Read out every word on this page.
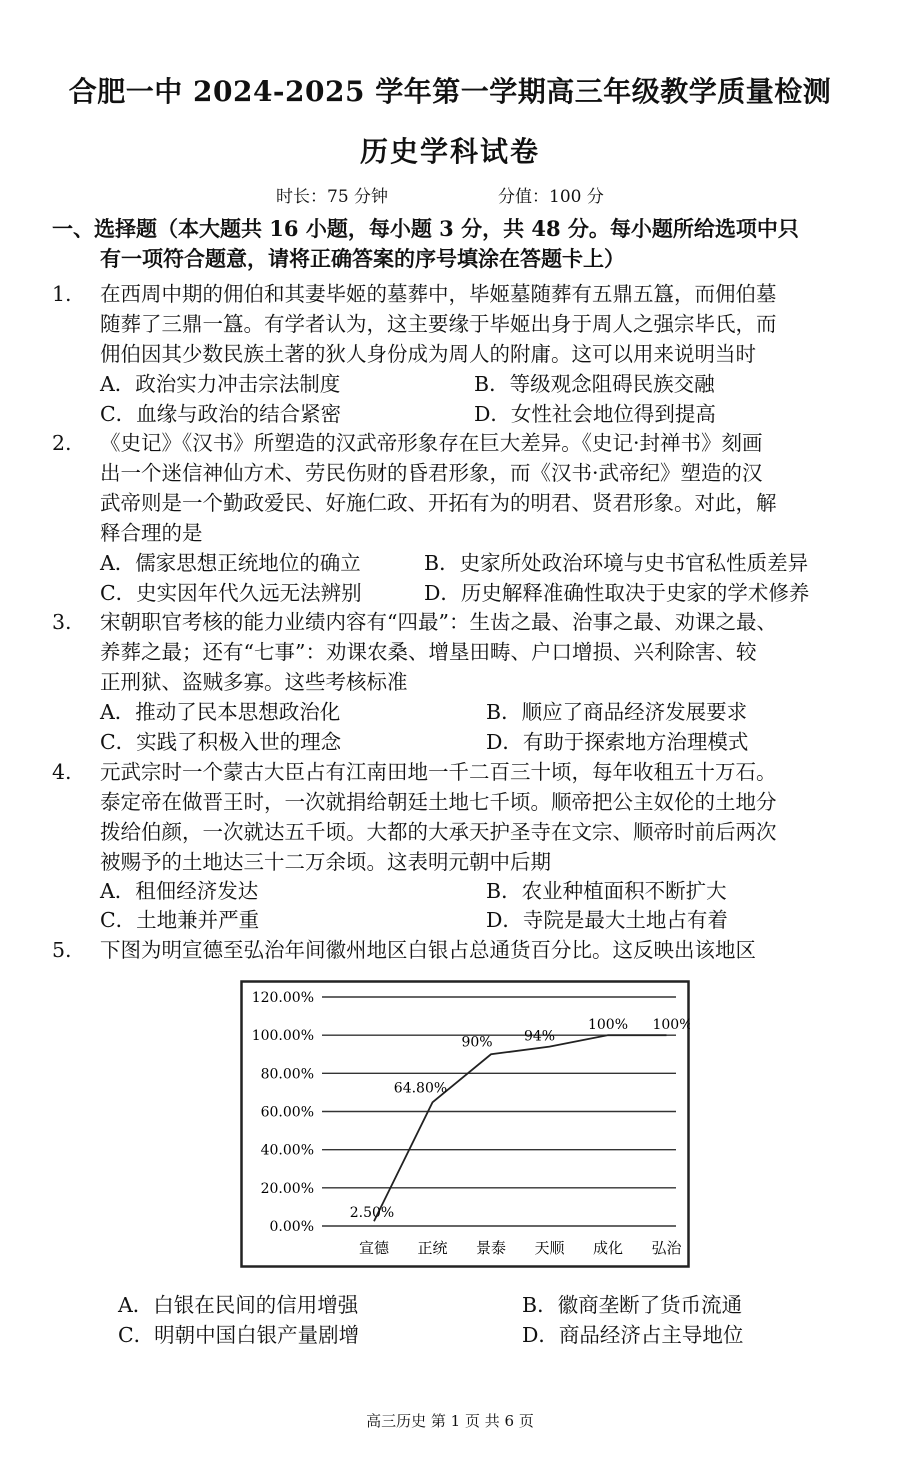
合肥一中 2024-2025 学年第一学期高三年级教学质量检测
历史学科试卷
时长：75 分钟	分值：100 分
一、选择题（本大题共 16 小题，每小题 3 分，共 48 分。每小题所给选项中只
有一项符合题意，请将正确答案的序号填涂在答题卡上）
1. 在西周中期的佣伯和其妻毕姬的墓葬中，毕姬墓随葬有五鼎五簋，而佣伯墓
随葬了三鼎一簋。有学者认为，这主要缘于毕姬出身于周人之强宗毕氏，而
佣伯因其少数民族土著的狄人身份成为周人的附庸。这可以用来说明当时
A．政治实力冲击宗法制度	B．等级观念阻碍民族交融
C．血缘与政治的结合紧密	D．女性社会地位得到提高
2. 《史记》《汉书》所塑造的汉武帝形象存在巨大差异。《史记·封禅书》刻画
出一个迷信神仙方术、劳民伤财的昏君形象，而《汉书·武帝纪》塑造的汉
武帝则是一个勤政爱民、好施仁政、开拓有为的明君、贤君形象。对此，解
释合理的是
A．儒家思想正统地位的确立	B．史家所处政治环境与史书官私性质差异
C．史实因年代久远无法辨别	D．历史解释准确性取决于史家的学术修养
3. 宋朝职官考核的能力业绩内容有“四最”：生齿之最、治事之最、劝课之最、
养葬之最；还有“七事”：劝课农桑、增垦田畴、户口增损、兴利除害、较
正刑狱、盗贼多寡。这些考核标准
A．推动了民本思想政治化	B．顺应了商品经济发展要求
C．实践了积极入世的理念	D．有助于探索地方治理模式
4. 元武宗时一个蒙古大臣占有江南田地一千二百三十顷，每年收租五十万石。
泰定帝在做晋王时，一次就捐给朝廷土地七千顷。顺帝把公主奴伦的土地分
拨给伯颜，一次就达五千顷。大都的大承天护圣寺在文宗、顺帝时前后两次
被赐予的土地达三十二万余顷。这表明元朝中后期
A．租佃经济发达	B．农业种植面积不断扩大
C．土地兼并严重	D．寺院是最大土地占有着
5. 下图为明宣德至弘治年间徽州地区白银占总通货百分比。这反映出该地区
0.00%
20.00%
40.00%
60.00%
80.00%
100.00%
120.00%
宣德 正统 景泰 天顺 成化 弘治
2.50%
64.80%
90% 94%
100% 100%
A．白银在民间的信用增强	B．徽商垄断了货币流通
C．明朝中国白银产量剧增	D．商品经济占主导地位
高三历史 第 1 页 共 6 页
